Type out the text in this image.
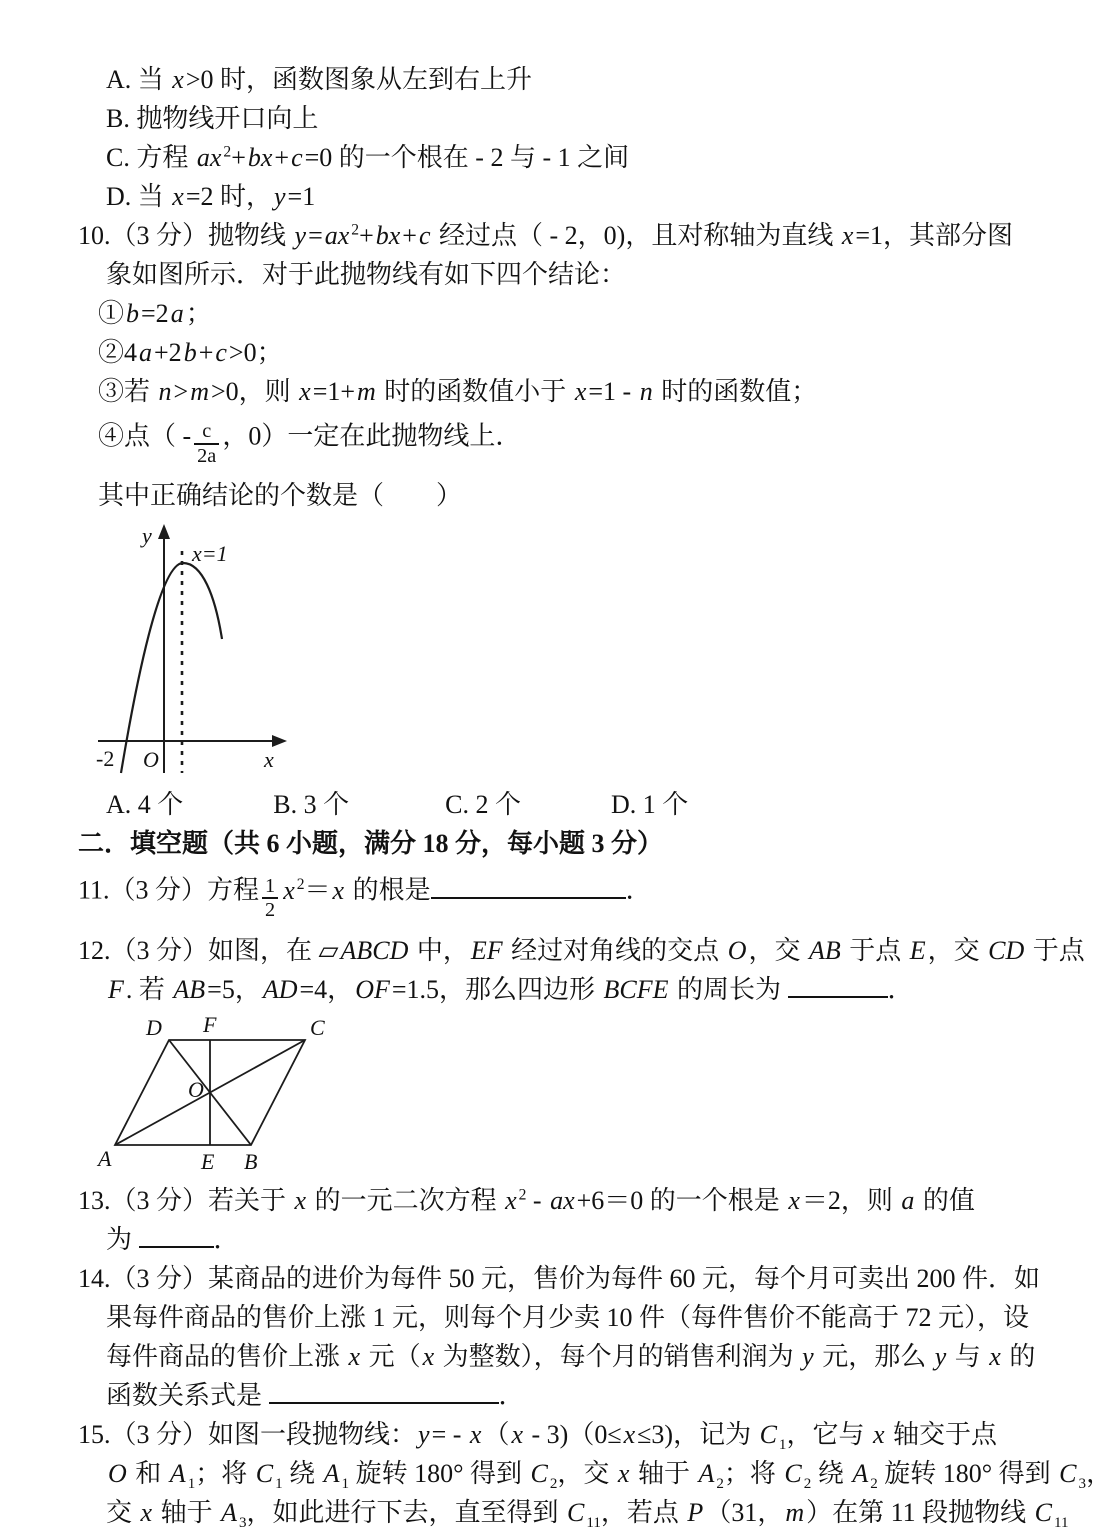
A. 当 x>0 时，函数图象从左到右上升
B. 抛物线开口向上
C. 方程 ax $^2$+bx+c=0 的一个根在 - 2 与 - 1 之间
D. 当 x=2 时，y=1
10.（3 分）抛物线 y=ax $^2$+bx+c 经过点（ - 2，0)，且对称轴为直线 x=1，其部分图
象如图所示．对于此抛物线有如下四个结论：
①b=2a；
②4a+2b+c>0；
③若 n>m>0，则 x=1+m 时的函数值小于 x=1 - n 时的函数值；
④点（ - $\frac{c}{2a}$ ，0）一定在此抛物线上．
其中正确结论的个数是（　　）
y
x=1
-2 O	x
A. 4 个	B. 3 个	C. 2 个	D. 1 个
二．填空题（共 6 小题，满分 18 分，每小题 3 分）
11.（3 分）方程 $\frac{1}{2}$ x $^2$＝x 的根是	．
12.（3 分）如图，在 ▱ABCD 中，EF 经过对角线的交点 O，交 AB 于点 E，交 CD 于点
F. 若 AB=5，AD=4，OF=1.5，那么四边形 BCFE 的周长为	．
D F	C
O
A	E B
13.（3 分）若关于 x 的一元二次方程 x $^2$ - ax+6＝0 的一个根是 x＝2，则 a 的值
为	．
14.（3 分）某商品的进价为每件 50 元，售价为每件 60 元，每个月可卖出 200 件．如
果每件商品的售价上涨 1 元，则每个月少卖 10 件（每件售价不能高于 72 元），设
每件商品的售价上涨 x 元（x 为整数），每个月的销售利润为 y 元，那么 y 与 x 的
函数关系式是	．
15.（3 分）如图一段抛物线：y= - x（x - 3)（0≤x≤3)，记为 C $_1$，它与 x 轴交于点
O 和 A $_1$；将 C $_1$ 绕 A $_1$ 旋转 180° 得到 C $_2$，交 x 轴于 A $_2$；将 C $_2$ 绕 A $_2$ 旋转 180° 得到 C $_3$，
交 x 轴于 A $_3$，如此进行下去，直至得到 C $_{11}$，若点 P（31，m）在第 11 段抛物线 C $_{11}$
